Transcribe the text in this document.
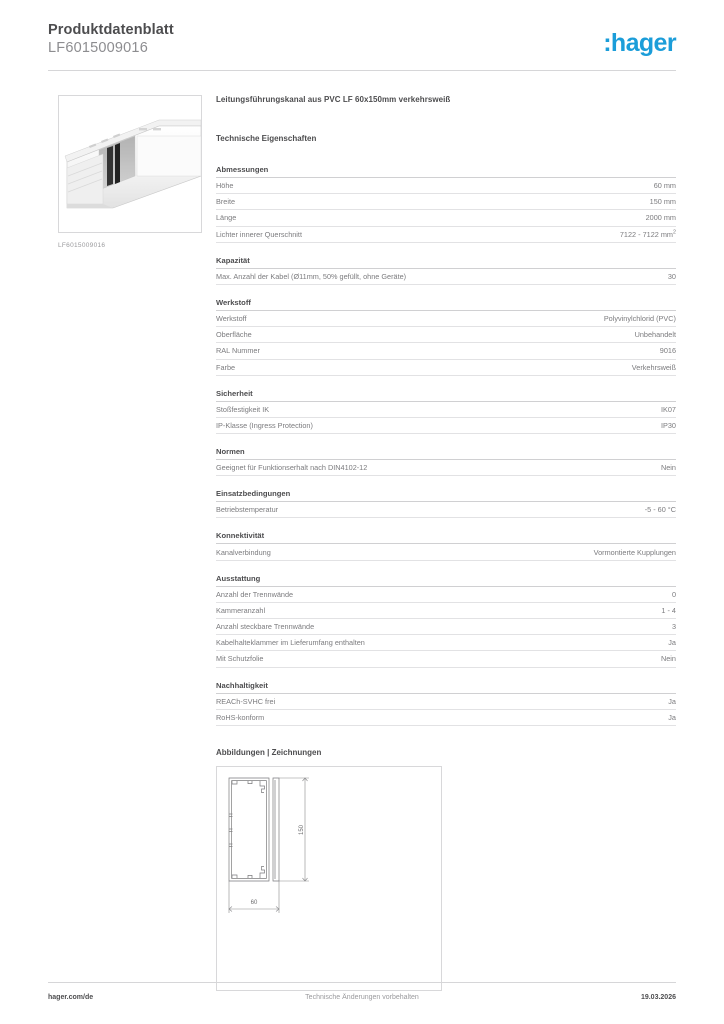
Produktdatenblatt
LF6015009016	:hager
LF6015009016
Leitungsführungskanal aus PVC LF 60x150mm verkehrsweiß
Technische Eigenschaften
Abmessungen
Höhe	60 mm
Breite	150 mm
Länge	2000 mm
Lichter innerer Querschnitt	7122 - 7122 $mm^2$
Kapazität
Max. Anzahl der Kabel (Ø11mm, 50% gefüllt, ohne Geräte)	30
Werkstoff
Werkstoff	Polyvinylchlorid (PVC)
Oberfläche	Unbehandelt
RAL Nummer	9016
Farbe	Verkehrsweiß
Sicherheit
Stoßfestigkeit IK	IK07
IP-Klasse (Ingress Protection)	IP30
Normen
Geeignet für Funktionserhalt nach DIN4102-12	Nein
Einsatzbedingungen
Betriebstemperatur	-5 - 60 °C
Konnektivität
Kanalverbindung	Vormontierte Kupplungen
Ausstattung
Anzahl der Trennwände	0
Kammeranzahl	1 - 4
Anzahl steckbare Trennwände	3
Kabelhalteklammer im Lieferumfang enthalten	Ja
Mit Schutzfolie	Nein
Nachhaltigkeit
REACh-SVHC frei	Ja
RoHS-konform	Ja
Abbildungen | Zeichnungen
150
60
Technische Änderungen vorbehalten
hager.com/de	19.03.2026
